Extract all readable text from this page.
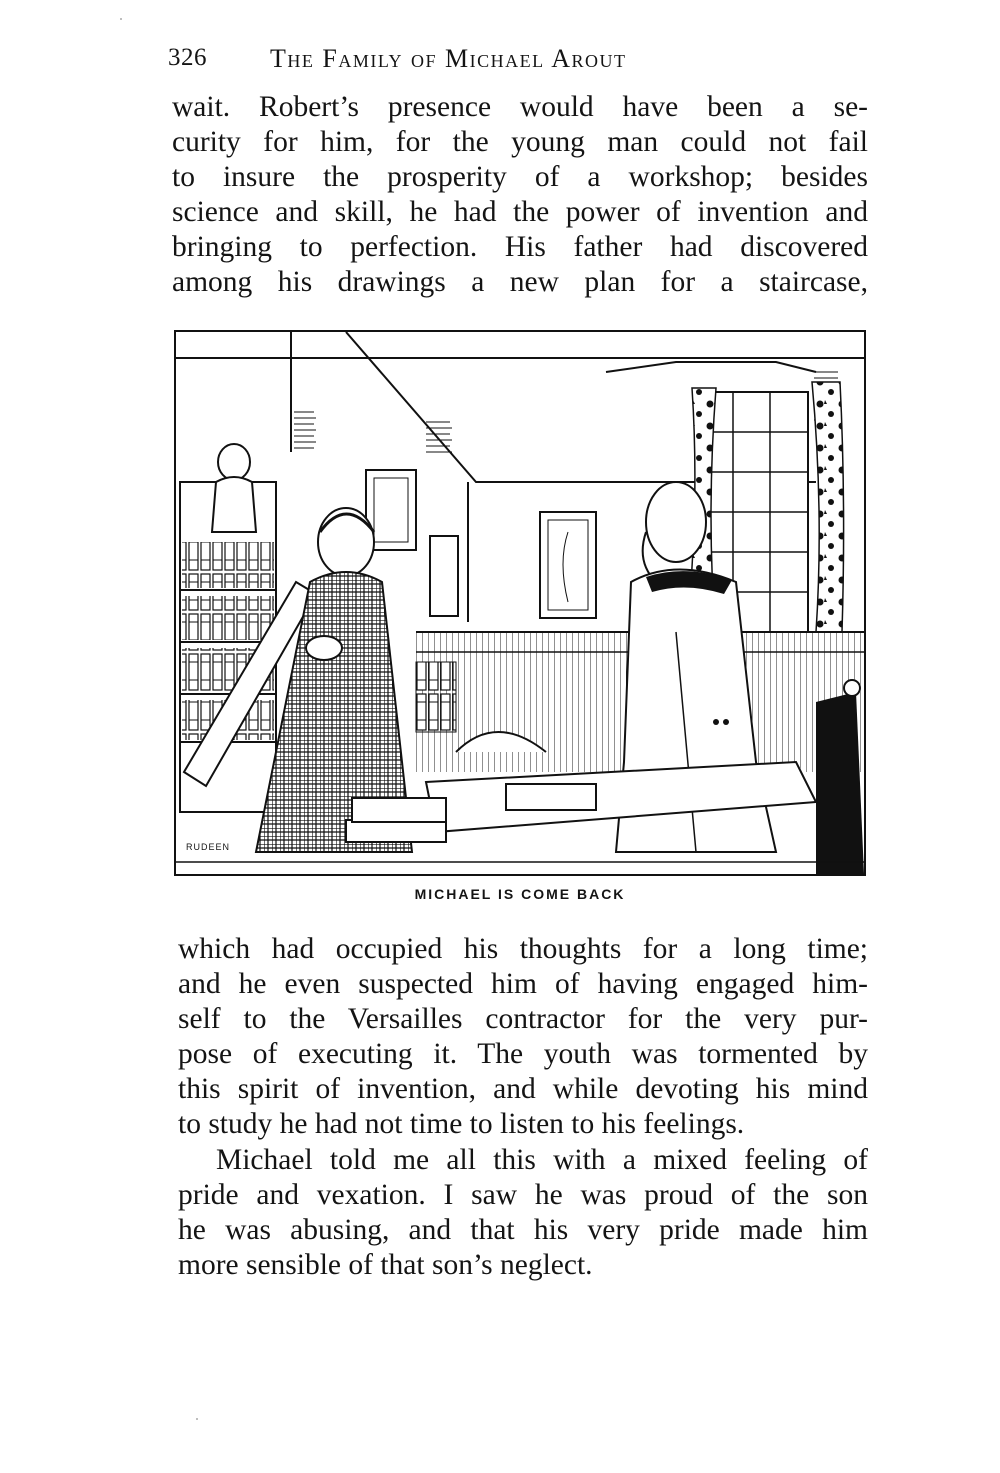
326 The Family of Michael Arout
wait. Robert’s presence would have been a se-
curity for him, for the young man could not fail
to insure the prosperity of a workshop; besides
science and skill, he had the power of invention and
bringing to perfection. His father had discovered
among his drawings a new plan for a staircase,
RUDEEN
MICHAEL IS COME BACK
which had occupied his thoughts for a long time;
and he even suspected him of having engaged him-
self to the Versailles contractor for the very pur-
pose of executing it. The youth was tormented by
this spirit of invention, and while devoting his mind
to study he had not time to listen to his feelings.
Michael told me all this with a mixed feeling of
pride and vexation. I saw he was proud of the son
he was abusing, and that his very pride made him
more sensible of that son’s neglect.
